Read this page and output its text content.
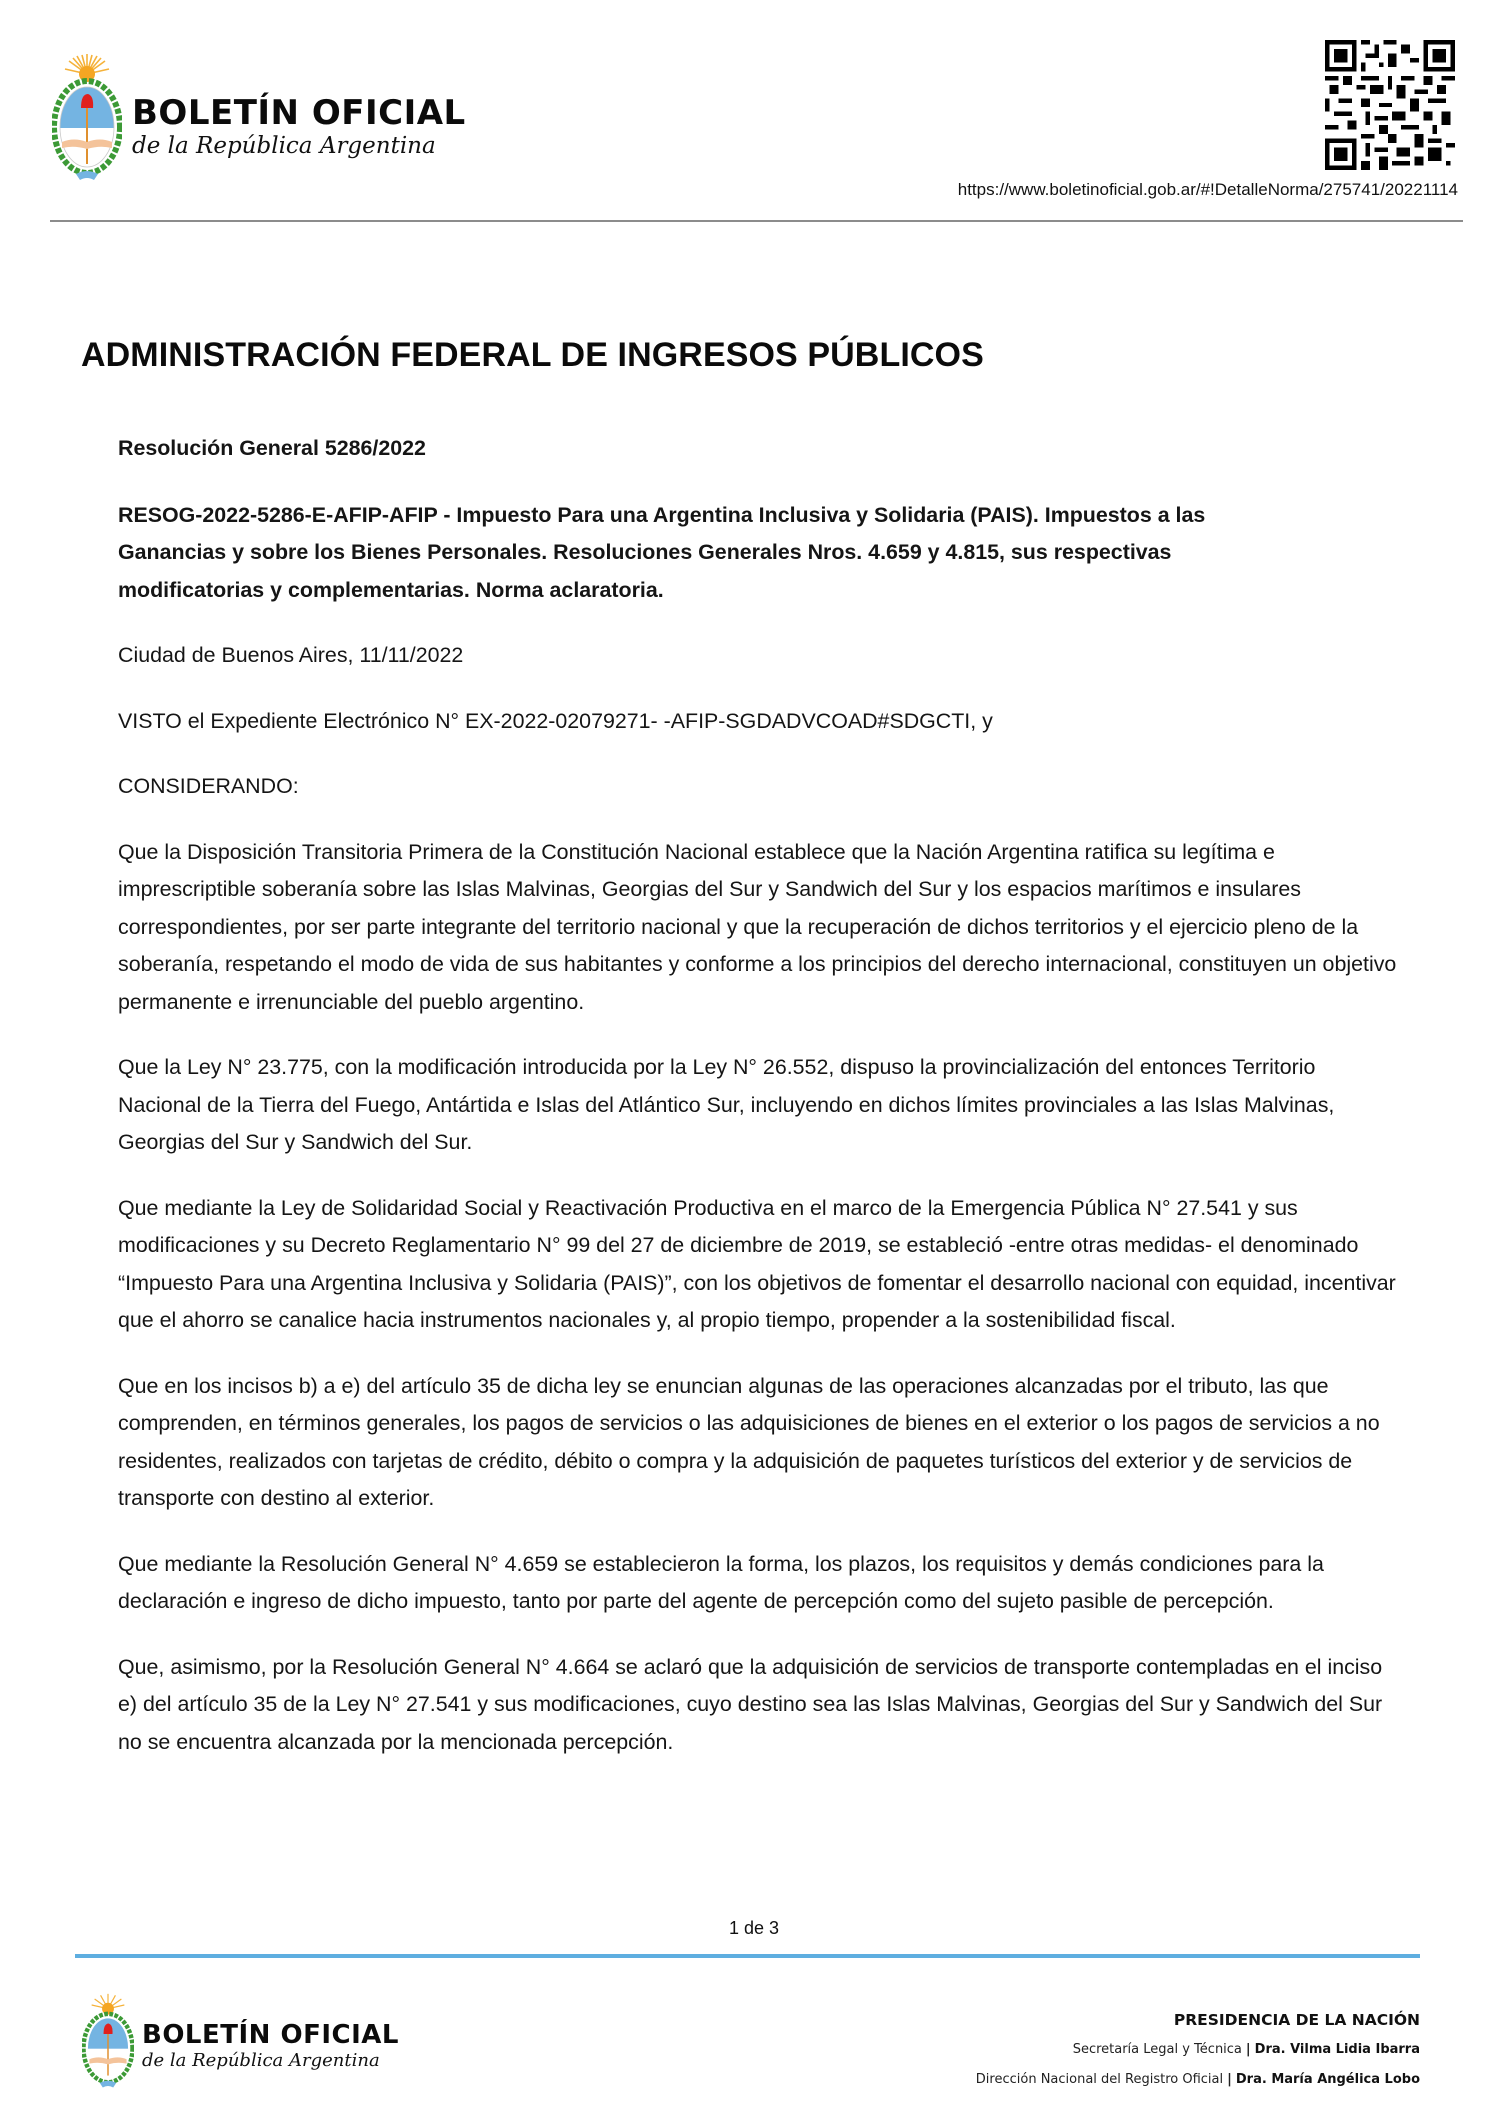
BOLETÍN OFICIAL
de la República Argentina
https://www.boletinoficial.gob.ar/#!DetalleNorma/275741/20221114
ADMINISTRACIÓN FEDERAL DE INGRESOS PÚBLICOS

Resolución General 5286/2022

RESOG-2022-5286-E-AFIP-AFIP - Impuesto Para una Argentina Inclusiva y Solidaria (PAIS). Impuestos a las Ganancias y sobre los Bienes Personales. Resoluciones Generales Nros. 4.659 y 4.815, sus respectivas modificatorias y complementarias. Norma aclaratoria.

Ciudad de Buenos Aires, 11/11/2022

VISTO el Expediente Electrónico N° EX-2022-02079271- -AFIP-SGDADVCOAD#SDGCTI, y

CONSIDERANDO:

Que la Disposición Transitoria Primera de la Constitución Nacional establece que la Nación Argentina ratifica su legítima e imprescriptible soberanía sobre las Islas Malvinas, Georgias del Sur y Sandwich del Sur y los espacios marítimos e insulares correspondientes, por ser parte integrante del territorio nacional y que la recuperación de dichos territorios y el ejercicio pleno de la soberanía, respetando el modo de vida de sus habitantes y conforme a los principios del derecho internacional, constituyen un objetivo permanente e irrenunciable del pueblo argentino.

Que la Ley N° 23.775, con la modificación introducida por la Ley N° 26.552, dispuso la provincialización del entonces Territorio Nacional de la Tierra del Fuego, Antártida e Islas del Atlántico Sur, incluyendo en dichos límites provinciales a las Islas Malvinas, Georgias del Sur y Sandwich del Sur.

Que mediante la Ley de Solidaridad Social y Reactivación Productiva en el marco de la Emergencia Pública N° 27.541 y sus modificaciones y su Decreto Reglamentario N° 99 del 27 de diciembre de 2019, se estableció -entre otras medidas- el denominado “Impuesto Para una Argentina Inclusiva y Solidaria (PAIS)”, con los objetivos de fomentar el desarrollo nacional con equidad, incentivar que el ahorro se canalice hacia instrumentos nacionales y, al propio tiempo, propender a la sostenibilidad fiscal.

Que en los incisos b) a e) del artículo 35 de dicha ley se enuncian algunas de las operaciones alcanzadas por el tributo, las que comprenden, en términos generales, los pagos de servicios o las adquisiciones de bienes en el exterior o los pagos de servicios a no residentes, realizados con tarjetas de crédito, débito o compra y la adquisición de paquetes turísticos del exterior y de servicios de transporte con destino al exterior.

Que mediante la Resolución General N° 4.659 se establecieron la forma, los plazos, los requisitos y demás condiciones para la declaración e ingreso de dicho impuesto, tanto por parte del agente de percepción como del sujeto pasible de percepción.

Que, asimismo, por la Resolución General N° 4.664 se aclaró que la adquisición de servicios de transporte contempladas en el inciso e) del artículo 35 de la Ley N° 27.541 y sus modificaciones, cuyo destino sea las Islas Malvinas, Georgias del Sur y Sandwich del Sur no se encuentra alcanzada por la mencionada percepción.

1 de 3
BOLETÍN OFICIAL
de la República Argentina
PRESIDENCIA DE LA NACIÓN
Secretaría Legal y Técnica | Dra. Vilma Lidia Ibarra
Dirección Nacional del Registro Oficial | Dra. María Angélica Lobo
